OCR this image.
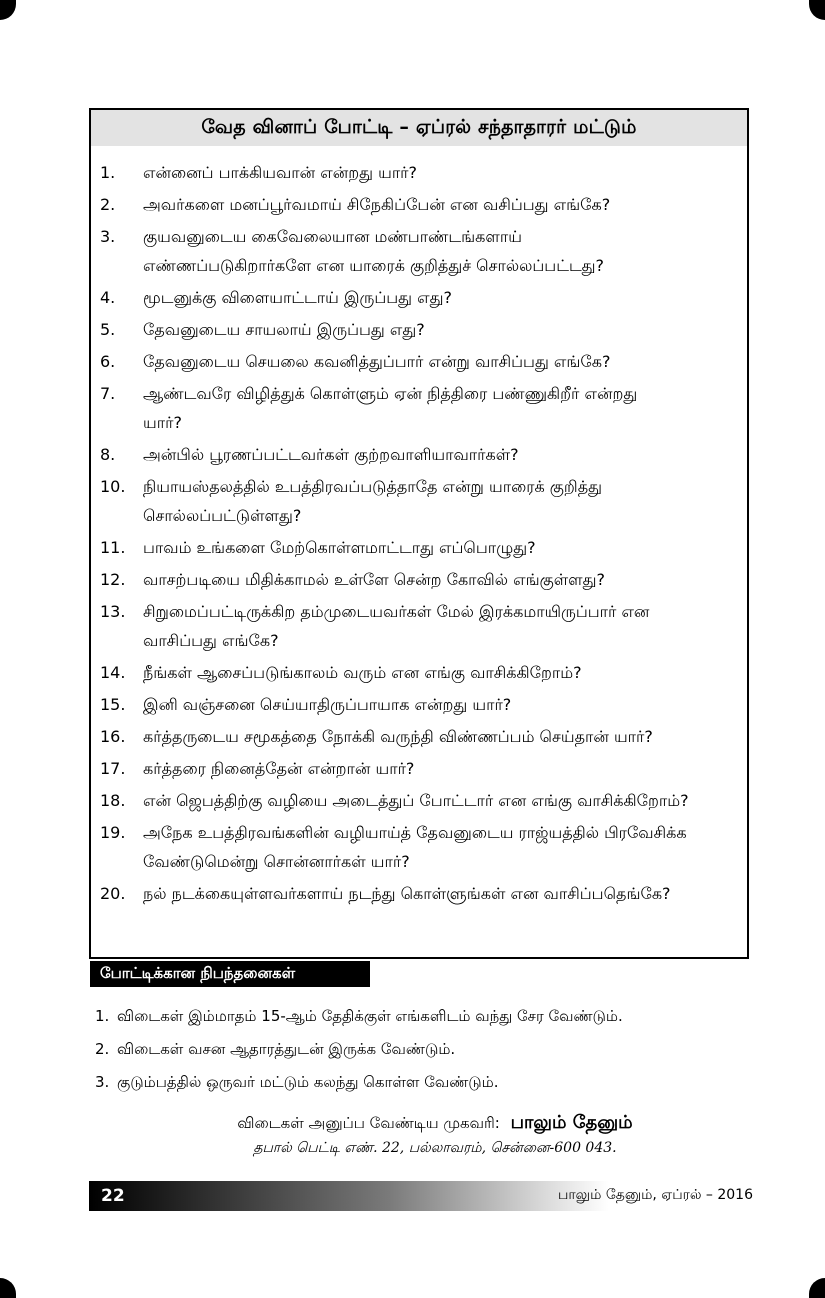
வேத வினாப் போட்டி – ஏப்ரல் சந்தாதாரர் மட்டும்
1.	என்னைப் பாக்கியவான் என்றது யார்?
2.	அவர்களை மனப்பூர்வமாய் சிநேகிப்பேன் என வசிப்பது எங்கே?
3.	குயவனுடைய கைவேலையான மண்பாண்டங்களாய்
எண்ணப்படுகிறார்களே என யாரைக் குறித்துச் சொல்லப்பட்டது?
4.	மூடனுக்கு விளையாட்டாய் இருப்பது எது?
5.	தேவனுடைய சாயலாய் இருப்பது எது?
6.	தேவனுடைய செயலை கவனித்துப்பார் என்று வாசிப்பது எங்கே?
7.	ஆண்டவரே விழித்துக் கொள்ளும் ஏன் நித்திரை பண்ணுகிறீர் என்றது
யார்?
8.	அன்பில் பூரணப்பட்டவர்கள் குற்றவாளியாவார்கள்?
10.	நியாயஸ்தலத்தில் உபத்திரவப்படுத்தாதே என்று யாரைக் குறித்து
சொல்லப்பட்டுள்ளது?
11.	பாவம் உங்களை மேற்கொள்ளமாட்டாது எப்பொழுது?
12.	வாசற்படியை மிதிக்காமல் உள்ளே சென்ற கோவில் எங்குள்ளது?
13.	சிறுமைப்பட்டிருக்கிற தம்முடையவர்கள் மேல் இரக்கமாயிருப்பார் என
வாசிப்பது எங்கே?
14.	நீங்கள் ஆசைப்படுங்காலம் வரும் என எங்கு வாசிக்கிறோம்?
15.	இனி வஞ்சனை செய்யாதிருப்பாயாக என்றது யார்?
16.	கர்த்தருடைய சமூகத்தை நோக்கி வருந்தி விண்ணப்பம் செய்தான் யார்?
17.	கர்த்தரை நினைத்தேன் என்றான் யார்?
18.	என் ஜெபத்திற்கு வழியை அடைத்துப் போட்டார் என எங்கு வாசிக்கிறோம்?
19.	அநேக உபத்திரவங்களின் வழியாய்த் தேவனுடைய ராஜ்யத்தில் பிரவேசிக்க
வேண்டுமென்று சொன்னார்கள் யார்?
20.	நல் நடக்கையுள்ளவர்களாய் நடந்து கொள்ளுங்கள் என வாசிப்பதெங்கே?
போட்டிக்கான நிபந்தனைகள்
1. விடைகள் இம்மாதம் 15-ஆம் தேதிக்குள் எங்களிடம் வந்து சேர வேண்டும்.
2. விடைகள் வசன ஆதாரத்துடன் இருக்க வேண்டும்.
3. குடும்பத்தில் ஒருவர் மட்டும் கலந்து கொள்ள வேண்டும்.
விடைகள் அனுப்ப வேண்டிய முகவரி: பாலும் தேனும்
தபால் பெட்டி எண். 22, பல்லாவரம், சென்னை-600 043.
22	பாலும் தேனும், ஏப்ரல் – 2016
